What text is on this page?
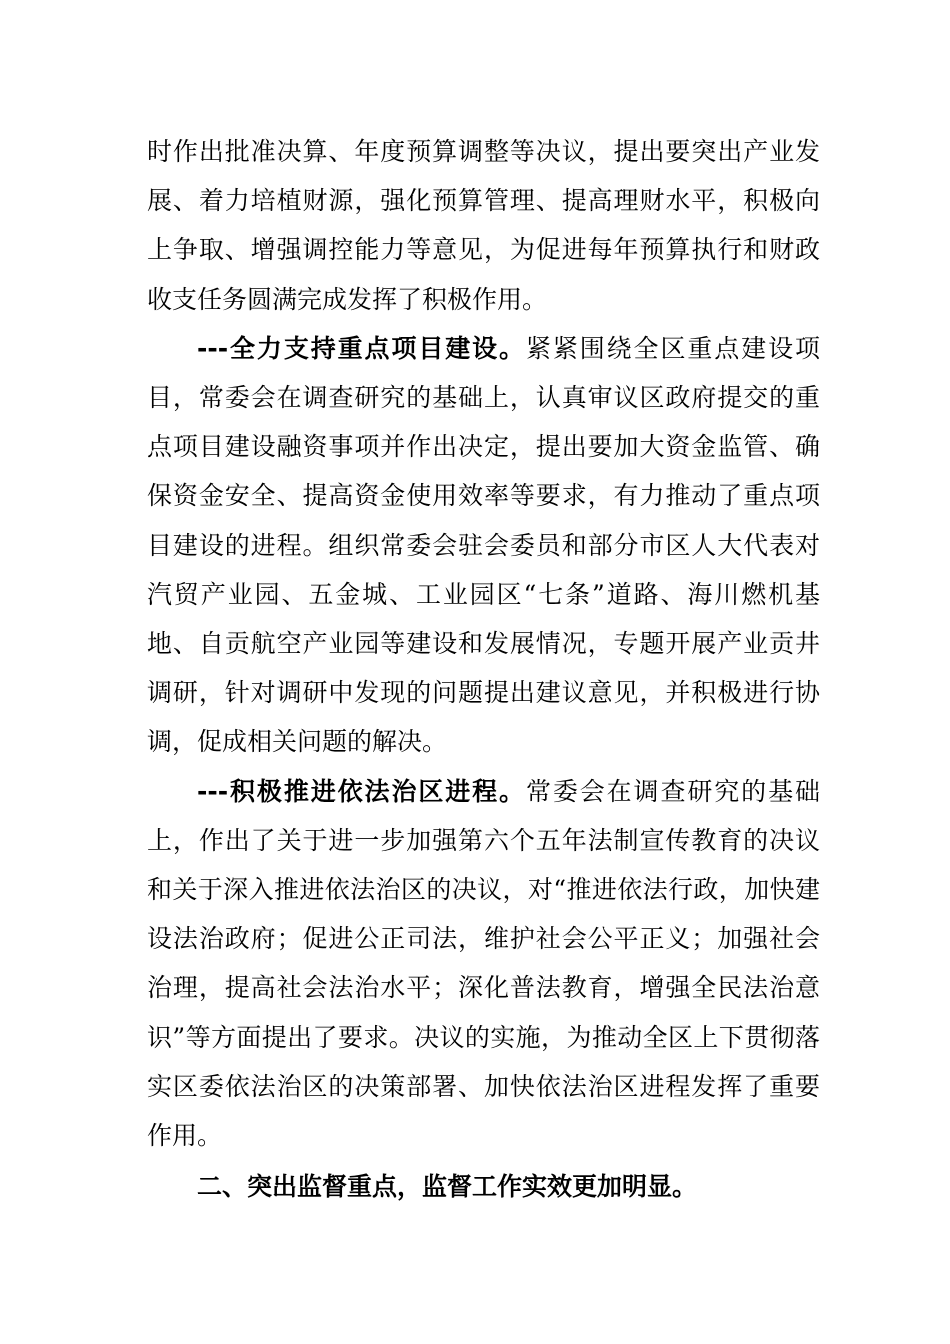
时作出批准决算、年度预算调整等决议，提出要突出产业发展、着力培植财源，强化预算管理、提高理财水平，积极向上争取、增强调控能力等意见，为促进每年预算执行和财政收支任务圆满完成发挥了积极作用。

---全力支持重点项目建设。紧紧围绕全区重点建设项目，常委会在调查研究的基础上，认真审议区政府提交的重点项目建设融资事项并作出决定，提出要加大资金监管、确保资金安全、提高资金使用效率等要求，有力推动了重点项目建设的进程。组织常委会驻会委员和部分市区人大代表对汽贸产业园、五金城、工业园区“七条”道路、海川燃机基地、自贡航空产业园等建设和发展情况，专题开展产业贡井调研，针对调研中发现的问题提出建议意见，并积极进行协调，促成相关问题的解决。

---积极推进依法治区进程。常委会在调查研究的基础上，作出了关于进一步加强第六个五年法制宣传教育的决议和关于深入推进依法治区的决议，对“推进依法行政，加快建设法治政府；促进公正司法，维护社会公平正义；加强社会治理，提高社会法治水平；深化普法教育，增强全民法治意识”等方面提出了要求。决议的实施，为推动全区上下贯彻落实区委依法治区的决策部署、加快依法治区进程发挥了重要作用。

二、突出监督重点，监督工作实效更加明显。
